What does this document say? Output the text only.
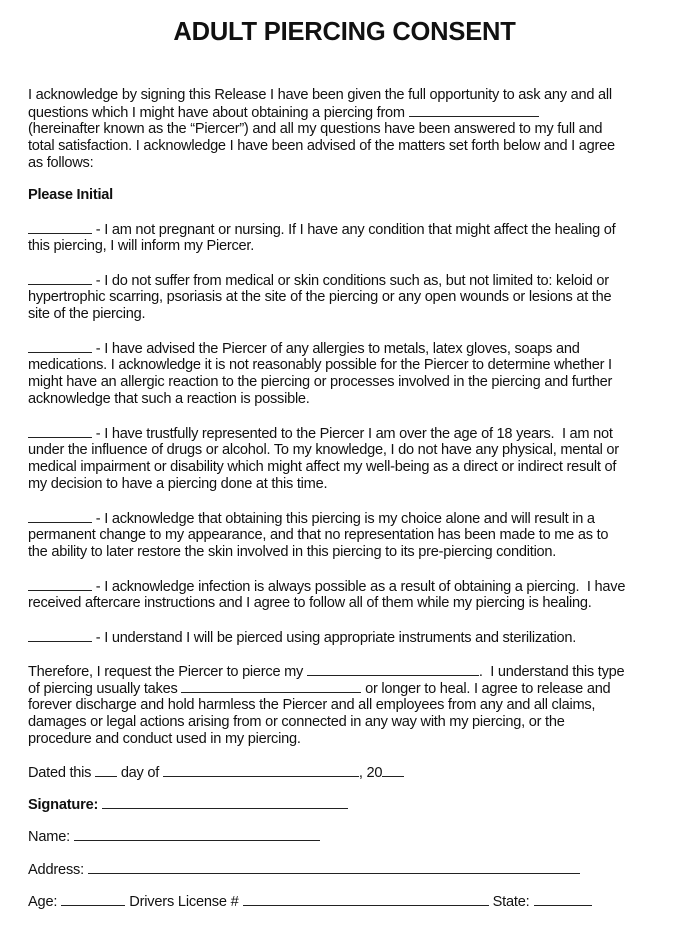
ADULT PIERCING CONSENT
I acknowledge by signing this Release I have been given the full opportunity to ask any and all
questions which I might have about obtaining a piercing from
(hereinafter known as the “Piercer”) and all my questions have been answered to my full and
total satisfaction. I acknowledge I have been advised of the matters set forth below and I agree
as follows:
Please Initial
- I am not pregnant or nursing. If I have any condition that might affect the healing of
this piercing, I will inform my Piercer.
- I do not suffer from medical or skin conditions such as, but not limited to: keloid or
hypertrophic scarring, psoriasis at the site of the piercing or any open wounds or lesions at the
site of the piercing.
- I have advised the Piercer of any allergies to metals, latex gloves, soaps and
medications. I acknowledge it is not reasonably possible for the Piercer to determine whether I
might have an allergic reaction to the piercing or processes involved in the piercing and further
acknowledge that such a reaction is possible.
- I have trustfully represented to the Piercer I am over the age of 18 years.  I am not
under the influence of drugs or alcohol. To my knowledge, I do not have any physical, mental or
medical impairment or disability which might affect my well-being as a direct or indirect result of
my decision to have a piercing done at this time.
- I acknowledge that obtaining this piercing is my choice alone and will result in a
permanent change to my appearance, and that no representation has been made to me as to
the ability to later restore the skin involved in this piercing to its pre-piercing condition.
- I acknowledge infection is always possible as a result of obtaining a piercing.  I have
received aftercare instructions and I agree to follow all of them while my piercing is healing.
- I understand I will be pierced using appropriate instruments and sterilization.
Therefore, I request the Piercer to pierce my	.  I understand this type
of piercing usually takes	or longer to heal. I agree to release and
forever discharge and hold harmless the Piercer and all employees from any and all claims,
damages or legal actions arising from or connected in any way with my piercing, or the
procedure and conduct used in my piercing.
Dated this  day of	, 20
Signature:
Name:
Address:
Age:	Drivers License #	State:
